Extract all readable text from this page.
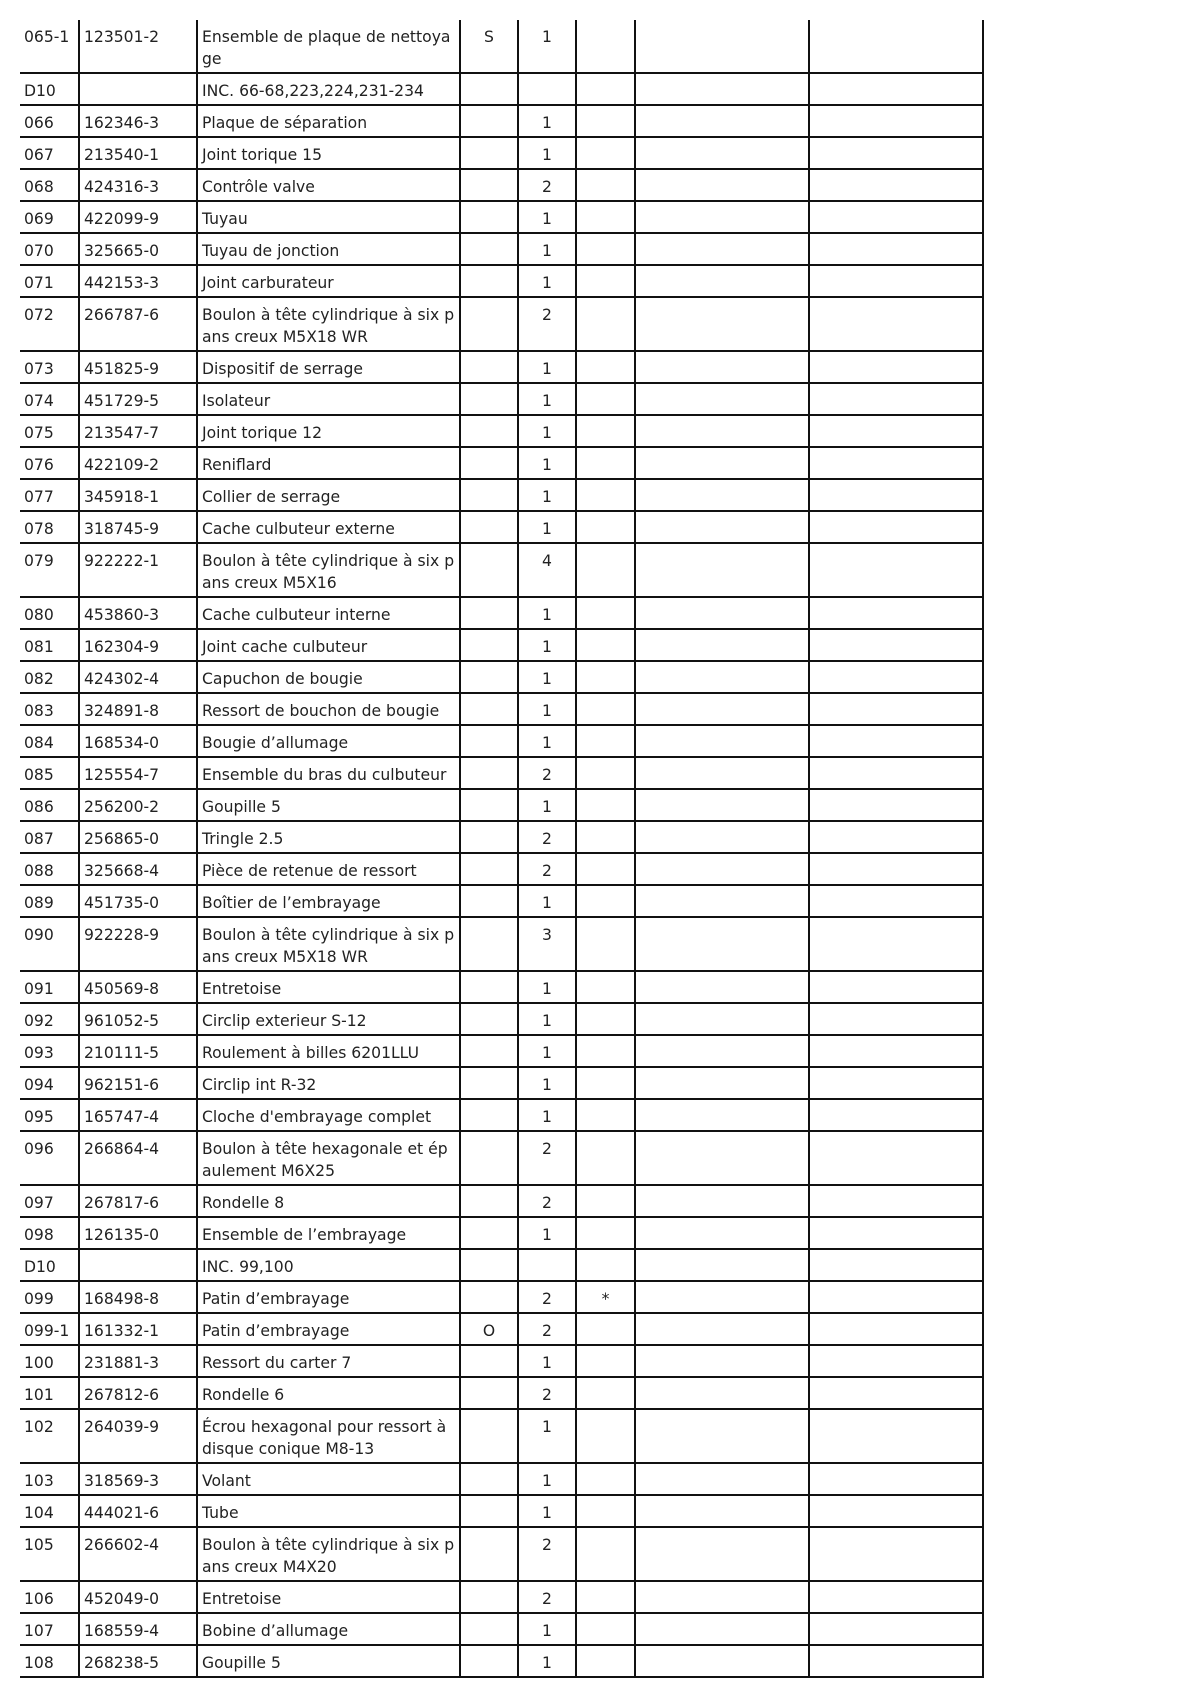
065-1	123501-2	Ensemble de plaque de nettoyage	S	1			
D10		INC. 66-68,223,224,231-234					
066	162346-3	Plaque de séparation		1			
067	213540-1	Joint torique 15		1			
068	424316-3	Contrôle valve		2			
069	422099-9	Tuyau		1			
070	325665-0	Tuyau de jonction		1			
071	442153-3	Joint carburateur		1			
072	266787-6	Boulon à tête cylindrique à six pans creux M5X18 WR		2			
073	451825-9	Dispositif de serrage		1			
074	451729-5	Isolateur		1			
075	213547-7	Joint torique 12		1			
076	422109-2	Reniflard		1			
077	345918-1	Collier de serrage		1			
078	318745-9	Cache culbuteur externe		1			
079	922222-1	Boulon à tête cylindrique à six pans creux M5X16		4			
080	453860-3	Cache culbuteur interne		1			
081	162304-9	Joint cache culbuteur		1			
082	424302-4	Capuchon de bougie		1			
083	324891-8	Ressort de bouchon de bougie		1			
084	168534-0	Bougie d’allumage		1			
085	125554-7	Ensemble du bras du culbuteur		2			
086	256200-2	Goupille 5		1			
087	256865-0	Tringle 2.5		2			
088	325668-4	Pièce de retenue de ressort		2			
089	451735-0	Boîtier de l’embrayage		1			
090	922228-9	Boulon à tête cylindrique à six pans creux M5X18 WR		3			
091	450569-8	Entretoise		1			
092	961052-5	Circlip exterieur S-12		1			
093	210111-5	Roulement à billes 6201LLU		1			
094	962151-6	Circlip int R-32		1			
095	165747-4	Cloche d'embrayage complet		1			
096	266864-4	Boulon à tête hexagonale et épaulement M6X25		2			
097	267817-6	Rondelle 8		2			
098	126135-0	Ensemble de l’embrayage		1			
D10		INC. 99,100					
099	168498-8	Patin d’embrayage		2	*		
099-1	161332-1	Patin d’embrayage	O	2			
100	231881-3	Ressort du carter 7		1			
101	267812-6	Rondelle 6		2			
102	264039-9	Écrou hexagonal pour ressort à disque conique M8-13		1			
103	318569-3	Volant		1			
104	444021-6	Tube		1			
105	266602-4	Boulon à tête cylindrique à six pans creux M4X20		2			
106	452049-0	Entretoise		2			
107	168559-4	Bobine d’allumage		1			
108	268238-5	Goupille 5		1			
